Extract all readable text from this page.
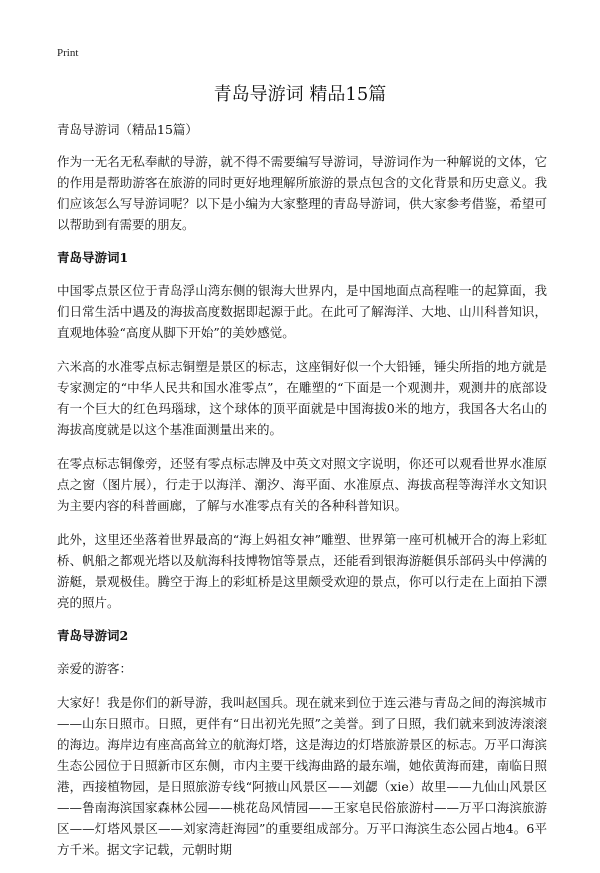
Print
青岛导游词 精品15篇

青岛导游词（精品15篇）

作为一无名无私奉献的导游，就不得不需要编写导游词，导游词作为一种解说的文体，它的作用是帮助游客在旅游的同时更好地理解所旅游的景点包含的文化背景和历史意义。我们应该怎么写导游词呢？以下是小编为大家整理的青岛导游词，供大家参考借鉴，希望可以帮助到有需要的朋友。

青岛导游词1

中国零点景区位于青岛浮山湾东侧的银海大世界内，是中国地面点高程唯一的起算面，我们日常生活中遇及的海拔高度数据即起源于此。在此可了解海洋、大地、山川科普知识，直观地体验“高度从脚下开始”的美妙感觉。

六米高的水准零点标志铜塑是景区的标志，这座铜好似一个大铅锤，锤尖所指的地方就是专家测定的“中华人民共和国水准零点”，在雕塑的“下面是一个观测井，观测井的底部设有一个巨大的红色玛瑙球，这个球体的顶平面就是中国海拔0米的地方，我国各大名山的海拔高度就是以这个基准面测量出来的。

在零点标志铜像旁，还竖有零点标志牌及中英文对照文字说明，你还可以观看世界水准原点之窗（图片展），行走于以海洋、潮汐、海平面、水准原点、海拔高程等海洋水文知识为主要内容的科普画廊，了解与水准零点有关的各种科普知识。

此外，这里还坐落着世界最高的“海上妈祖女神”雕塑、世界第一座可机械开合的海上彩虹桥、帆船之都观光塔以及航海科技博物馆等景点，还能看到银海游艇俱乐部码头中停满的游艇，景观极佳。腾空于海上的彩虹桥是这里颇受欢迎的景点，你可以行走在上面拍下漂亮的照片。

青岛导游词2

亲爱的游客：

大家好！我是你们的新导游，我叫赵国兵。现在就来到位于连云港与青岛之间的海滨城市——山东日照市。日照，更伴有“日出初光先照”之美誉。到了日照，我们就来到波涛滚滚的海边。海岸边有座高高耸立的航海灯塔，这是海边的灯塔旅游景区的标志。万平口海滨生态公园位于日照新市区东侧，市内主要干线海曲路的最东端，她依黄海而建，南临日照港，西接植物园，是日照旅游专线“阿掖山风景区——刘勰（xie）故里——九仙山风景区——鲁南海滨国家森林公园——桃花岛风情园——王家皂民俗旅游村——万平口海滨旅游区——灯塔风景区——刘家湾赶海园”的重要组成部分。万平口海滨生态公园占地4。6平方千米。据文字记载，元朝时期
